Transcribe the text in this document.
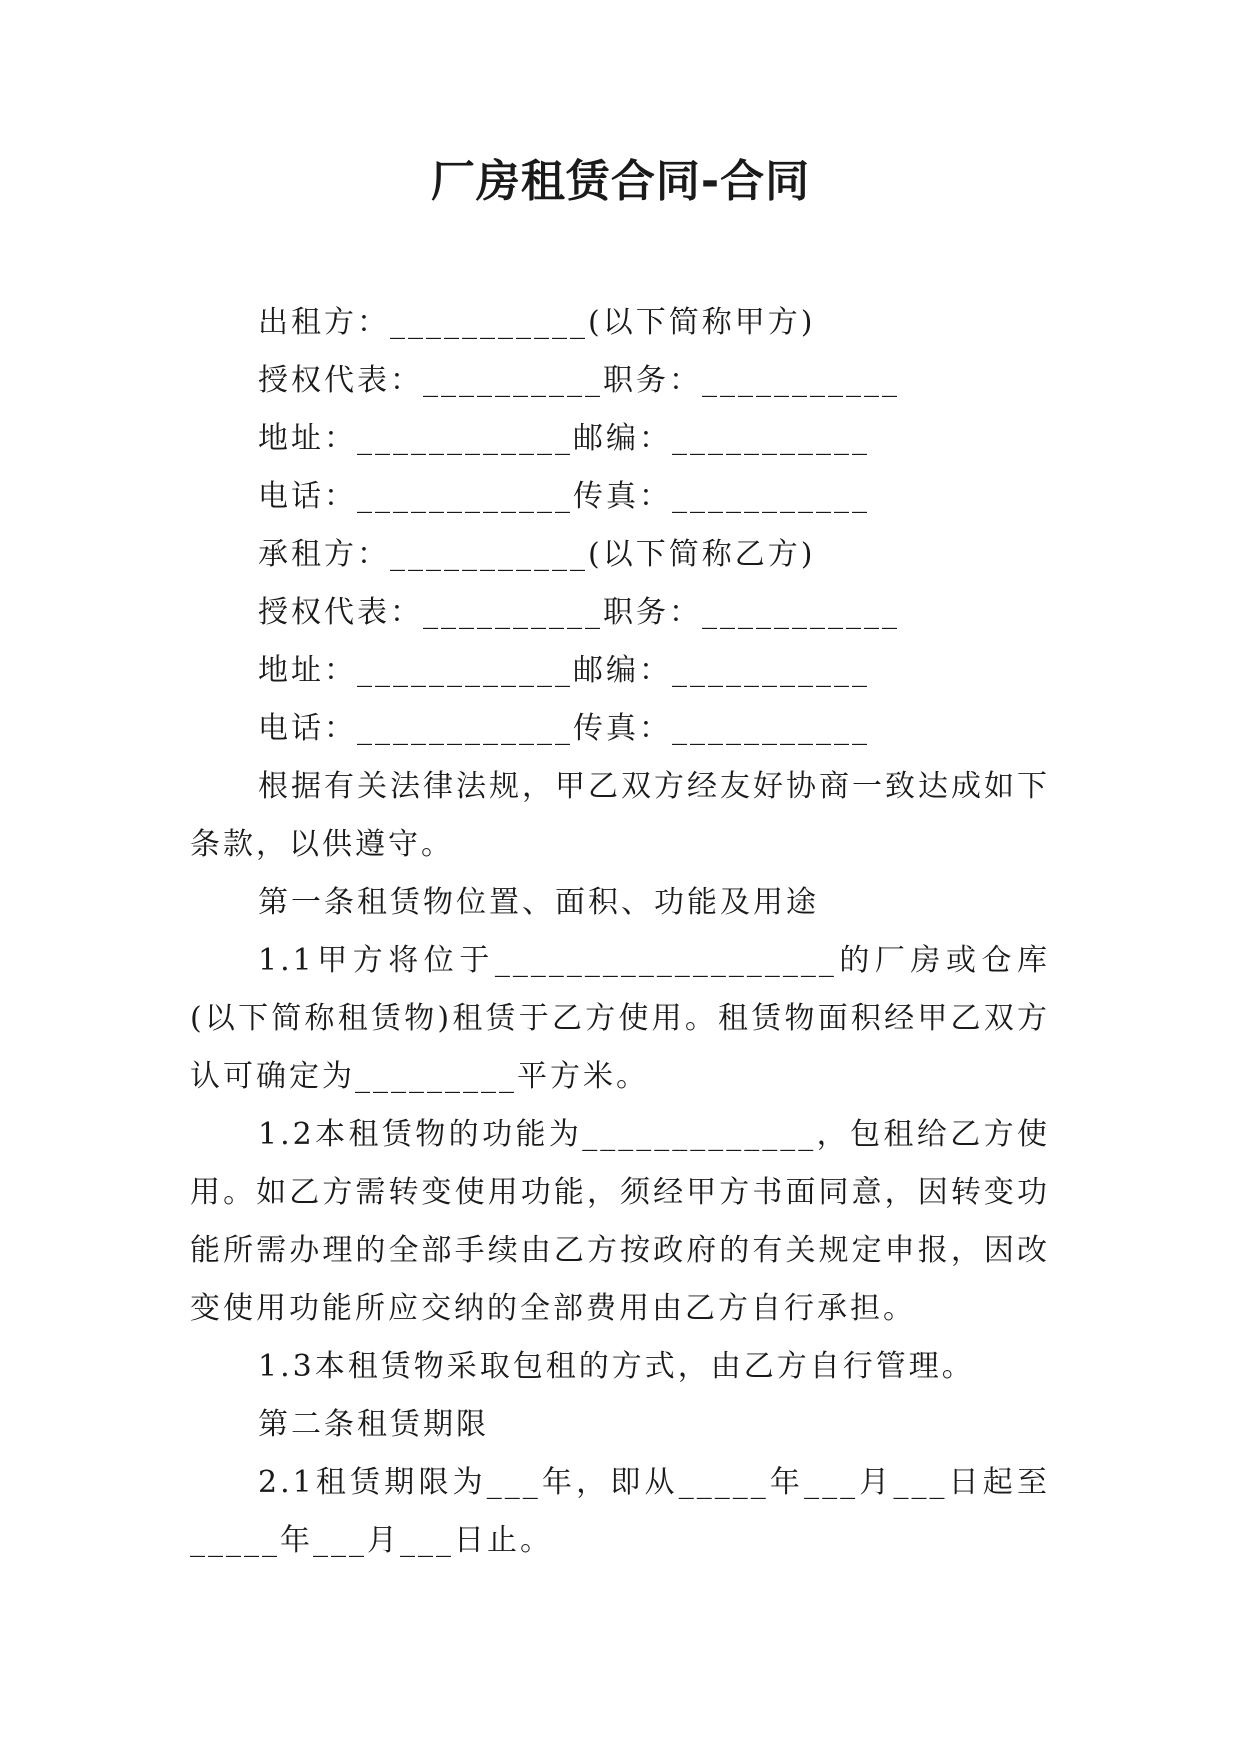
厂房租赁合同-合同
出租方：___________(以下简称甲方)
授权代表：__________职务：___________
地址：____________邮编：___________
电话：____________传真：___________
承租方：___________(以下简称乙方)
授权代表：__________职务：___________
地址：____________邮编：___________
电话：____________传真：___________
根据有关法律法规，甲乙双方经友好协商一致达成如下条款，以供遵守。
第一条租赁物位置、面积、功能及用途
1.1甲方将位于___________________的厂房或仓库(以下简称租赁物)租赁于乙方使用。租赁物面积经甲乙双方认可确定为_________平方米。
1.2本租赁物的功能为_____________，包租给乙方使用。如乙方需转变使用功能，须经甲方书面同意，因转变功能所需办理的全部手续由乙方按政府的有关规定申报，因改变使用功能所应交纳的全部费用由乙方自行承担。
1.3本租赁物采取包租的方式，由乙方自行管理。
第二条租赁期限
2.1租赁期限为___年，即从_____年___月___日起至_____年___月___日止。
